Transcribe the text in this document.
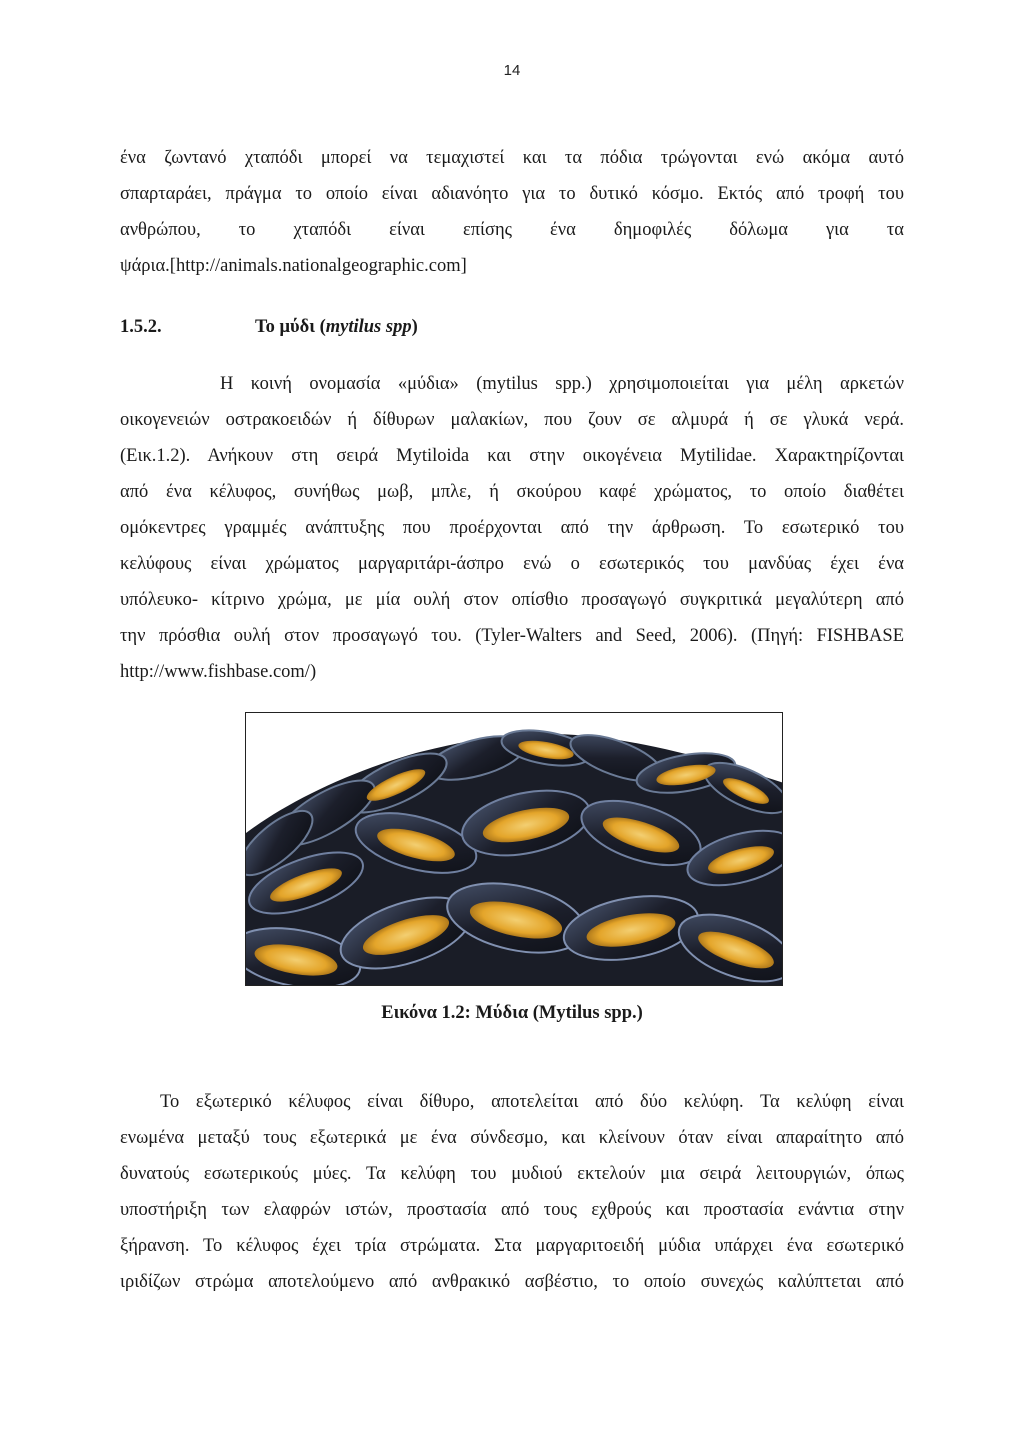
14
ένα ζωντανό χταπόδι μπορεί να τεμαχιστεί και τα πόδια τρώγονται ενώ ακόμα αυτό
σπαρταράει, πράγμα το οποίο είναι αδιανόητο για το δυτικό κόσμο. Εκτός από τροφή του
ανθρώπου, το χταπόδι είναι επίσης ένα δημοφιλές δόλωμα για τα
ψάρια.[http://animals.nationalgeographic.com]
1.5.2.	Το μύδι (mytilus spp)
Η κοινή ονομασία «μύδια» (mytilus spp.) χρησιμοποιείται για μέλη αρκετών
οικογενειών οστρακοειδών ή δίθυρων μαλακίων, που ζουν σε αλμυρά ή σε γλυκά νερά.
(Εικ.1.2). Ανήκουν στη σειρά Mytiloida και στην οικογένεια Mytilidae. Χαρακτηρίζονται
από ένα κέλυφος, συνήθως μωβ, μπλε, ή σκούρου καφέ χρώματος, το οποίο διαθέτει
ομόκεντρες γραμμές ανάπτυξης που προέρχονται από την άρθρωση. Το εσωτερικό του
κελύφους είναι χρώματος μαργαριτάρι-άσπρο ενώ ο εσωτερικός του μανδύας έχει ένα
υπόλευκο- κίτρινο χρώμα, με μία ουλή στον οπίσθιο προσαγωγό συγκριτικά μεγαλύτερη από
την πρόσθια ουλή στον προσαγωγό του. (Tyler-Walters and Seed, 2006). (Πηγή: FISHBASE
http://www.fishbase.com/)
Εικόνα 1.2: Μύδια (Mytilus spp.)
Το εξωτερικό κέλυφος είναι δίθυρο, αποτελείται από δύο κελύφη. Τα κελύφη είναι
ενωμένα μεταξύ τους εξωτερικά με ένα σύνδεσμο, και κλείνουν όταν είναι απαραίτητο από
δυνατούς εσωτερικούς μύες. Τα κελύφη του μυδιού εκτελούν μια σειρά λειτουργιών, όπως
υποστήριξη των ελαφρών ιστών, προστασία από τους εχθρούς και προστασία ενάντια στην
ξήρανση. Το κέλυφος έχει τρία στρώματα. Στα μαργαριτοειδή μύδια υπάρχει ένα εσωτερικό
ιριδίζων στρώμα αποτελούμενο από ανθρακικό ασβέστιο, το οποίο συνεχώς καλύπτεται από
